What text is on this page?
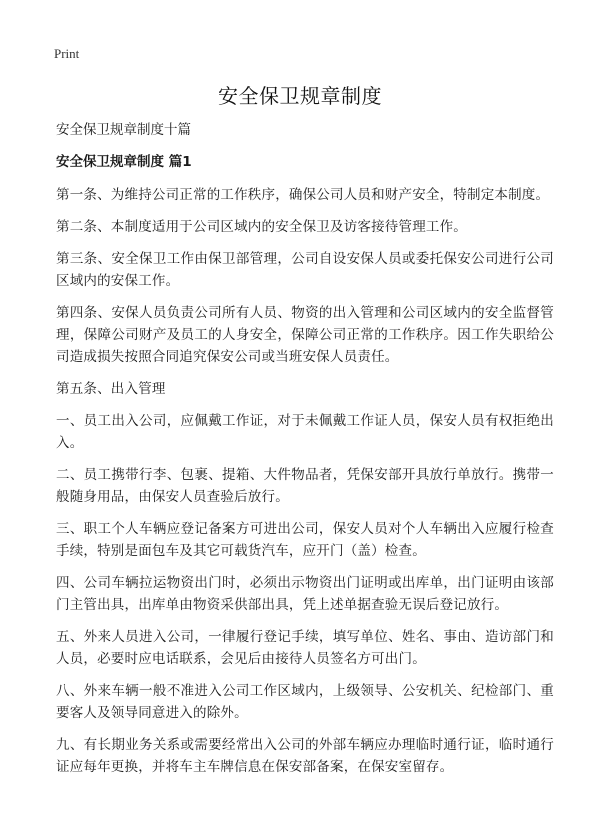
Print
安全保卫规章制度

安全保卫规章制度十篇

安全保卫规章制度 篇1

第一条、为维持公司正常的工作秩序，确保公司人员和财产安全，特制定本制度。

第二条、本制度适用于公司区域内的安全保卫及访客接待管理工作。

第三条、安全保卫工作由保卫部管理，公司自设安保人员或委托保安公司进行公司区域内的安保工作。

第四条、安保人员负责公司所有人员、物资的出入管理和公司区域内的安全监督管理，保障公司财产及员工的人身安全，保障公司正常的工作秩序。因工作失职给公司造成损失按照合同追究保安公司或当班安保人员责任。

第五条、出入管理

一、员工出入公司，应佩戴工作证，对于未佩戴工作证人员，保安人员有权拒绝出入。

二、员工携带行李、包裹、提箱、大件物品者，凭保安部开具放行单放行。携带一般随身用品，由保安人员查验后放行。

三、职工个人车辆应登记备案方可进出公司，保安人员对个人车辆出入应履行检查手续，特别是面包车及其它可载货汽车，应开门（盖）检查。

四、公司车辆拉运物资出门时，必须出示物资出门证明或出库单，出门证明由该部门主管出具，出库单由物资采供部出具，凭上述单据查验无误后登记放行。

五、外来人员进入公司，一律履行登记手续，填写单位、姓名、事由、造访部门和人员，必要时应电话联系，会见后由接待人员签名方可出门。

八、外来车辆一般不准进入公司工作区域内，上级领导、公安机关、纪检部门、重要客人及领导同意进入的除外。

九、有长期业务关系或需要经常出入公司的外部车辆应办理临时通行证，临时通行证应每年更换，并将车主车牌信息在保安部备案，在保安室留存。
